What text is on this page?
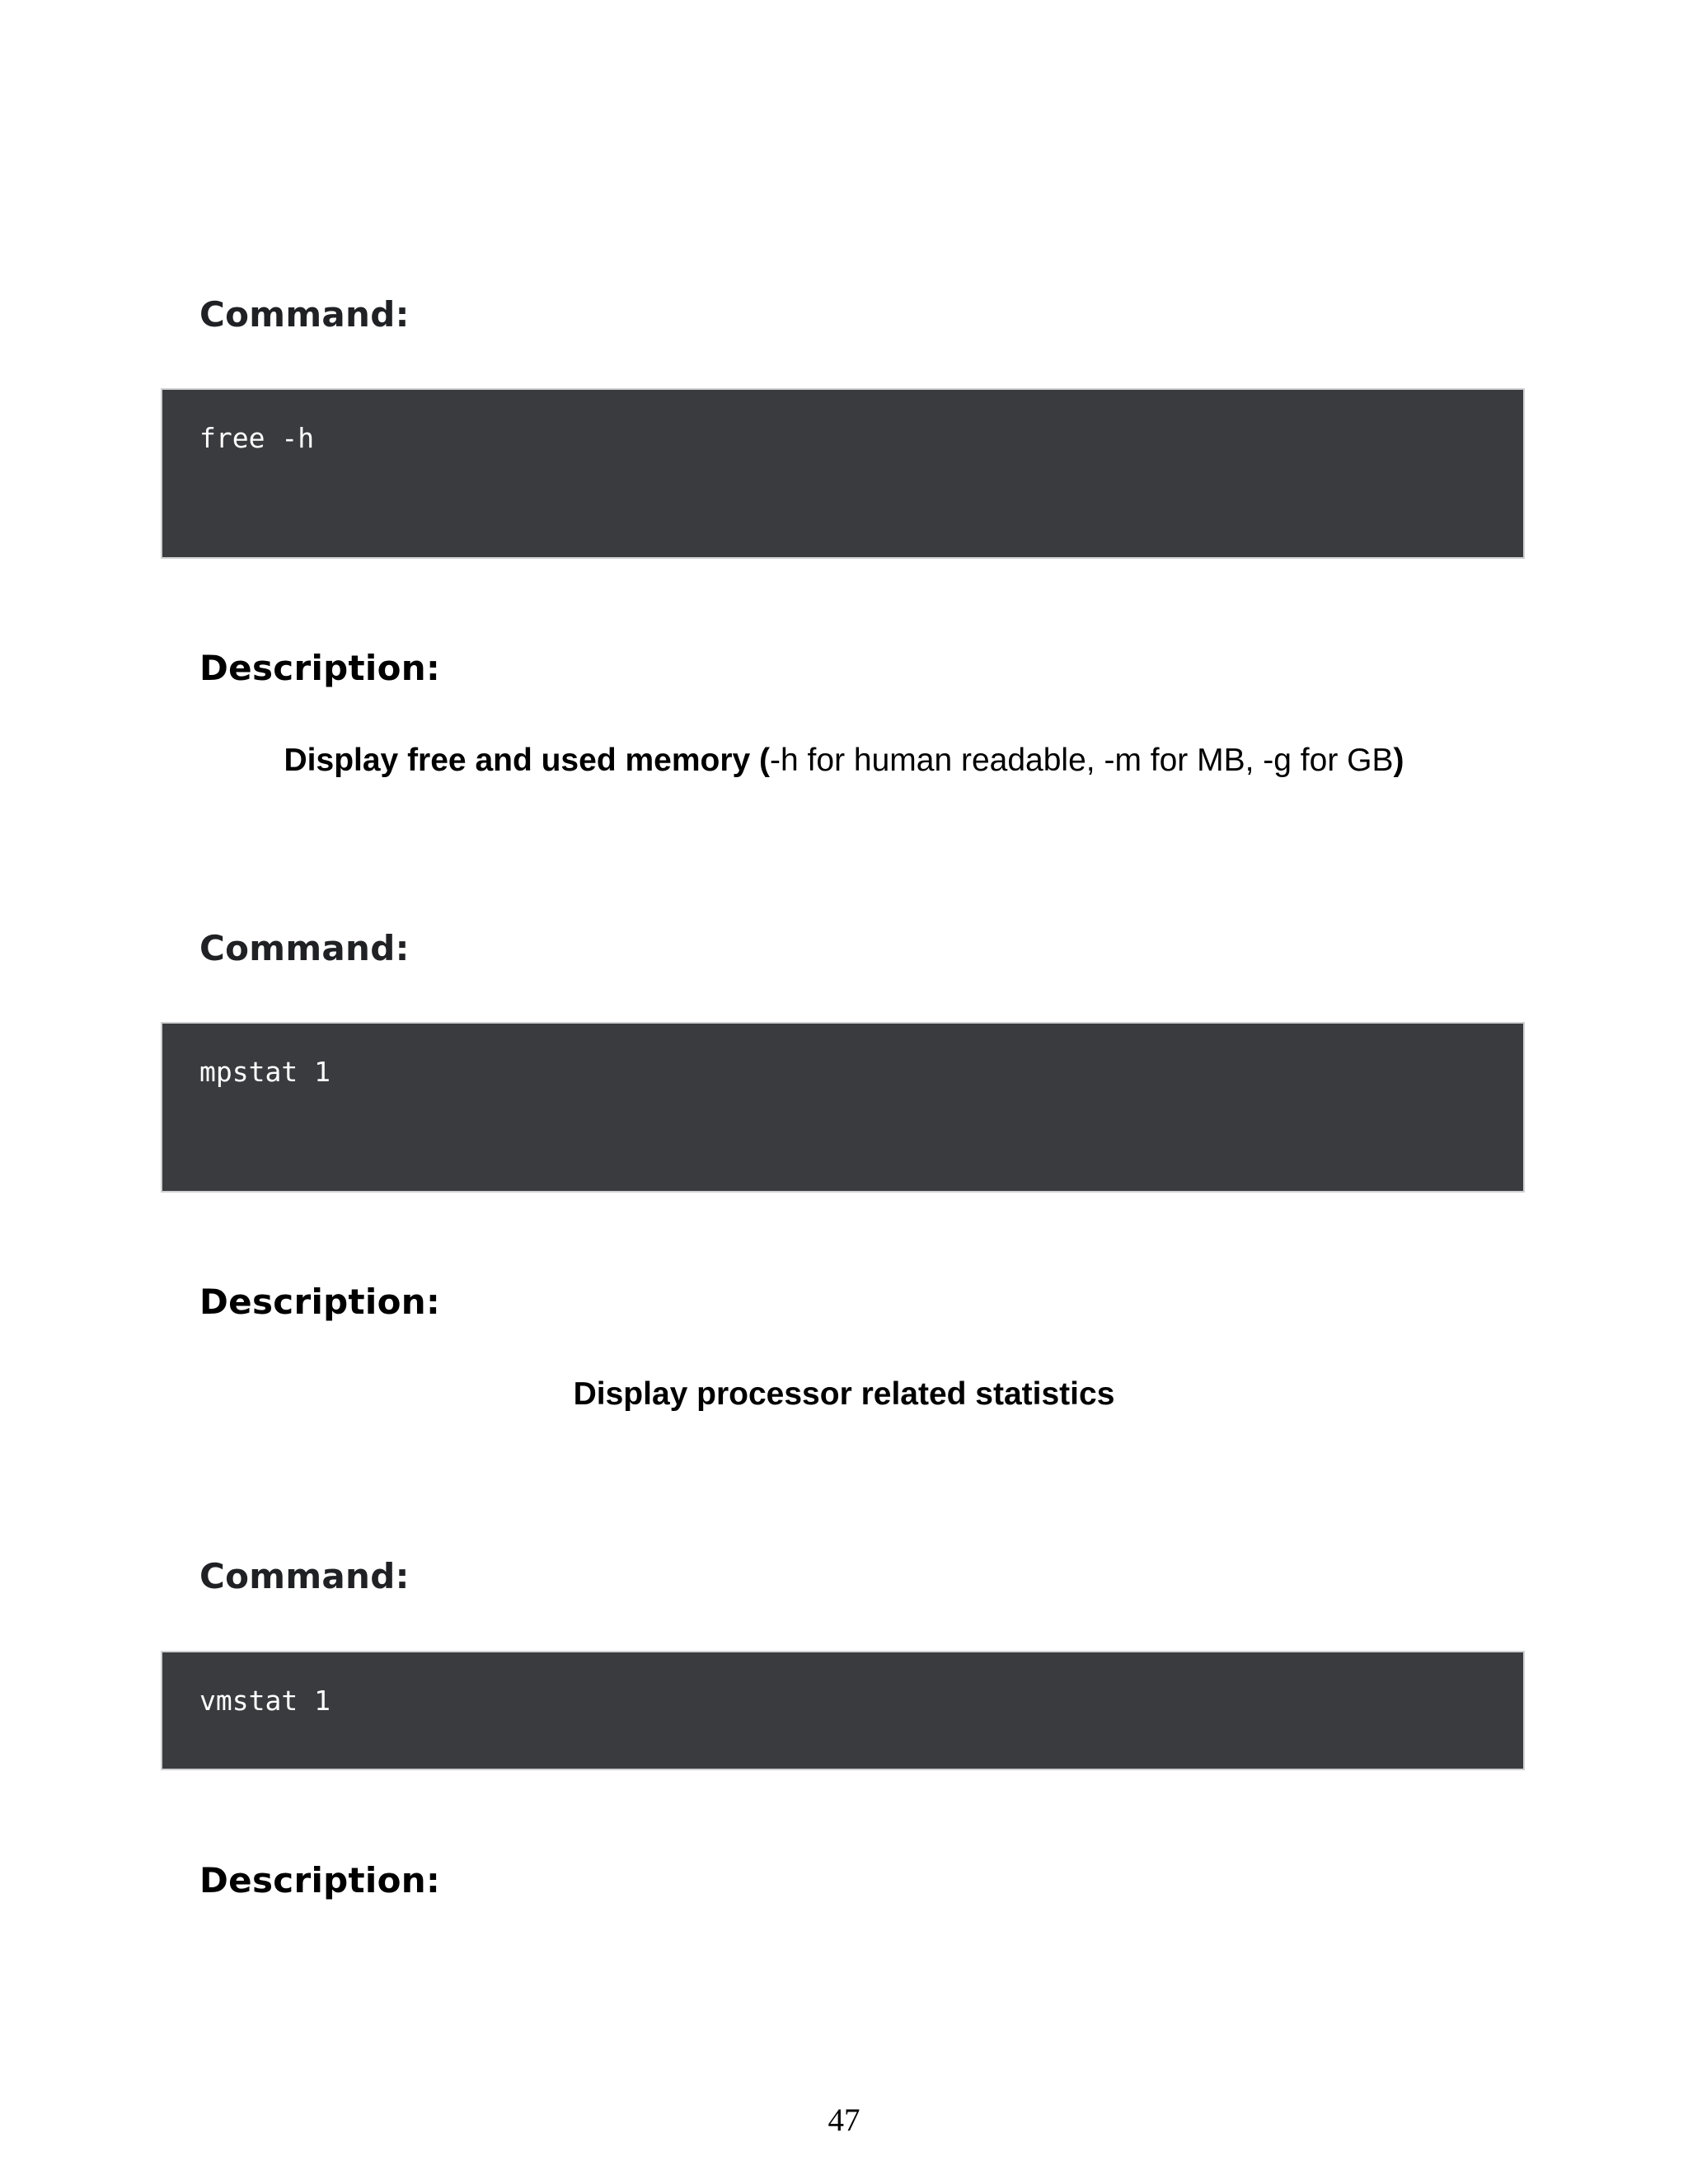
Command:
free -h
Description:
Display free and used memory (-h for human readable, -m for MB, -g for GB)
Command:
mpstat 1
Description:
Display processor related statistics
Command:
vmstat 1
Description:
47
